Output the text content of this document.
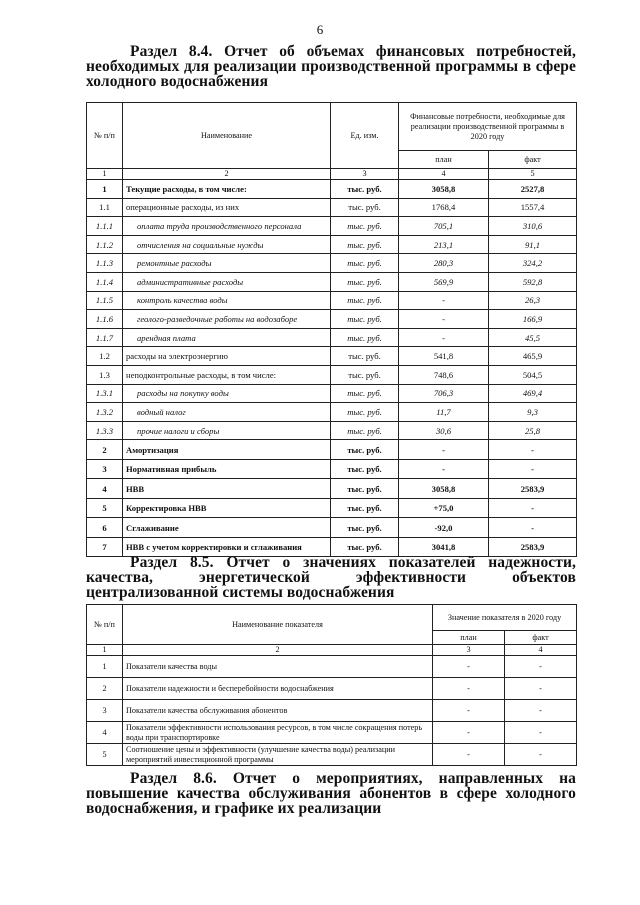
6
Раздел 8.4. Отчет об объемах финансовых потребностей, необходимых для реализации производственной программы в сфере холодного водоснабжения
№ п/п	Наименование	Ед. изм.	Финансовые потребности, необходимые для реализации производственной программы в 2020 году	
			план	факт
1	2	3	4	5
1	Текущие расходы, в том числе:	тыс. руб.	3058,8	2527,8
1.1	операционные расходы, из них	тыс. руб.	1768,4	1557,4
1.1.1	оплата труда производственного персонала	тыс. руб.	705,1	310,6
1.1.2	отчисления на социальные нужды	тыс. руб.	213,1	91,1
1.1.3	ремонтные расходы	тыс. руб.	280,3	324,2
1.1.4	административные расходы	тыс. руб.	569,9	592,8
1.1.5	контроль качества воды	тыс. руб.	-	26,3
1.1.6	геолого-разведочные работы на водозаборе	тыс. руб.	-	166,9
1.1.7	арендная плата	тыс. руб.	-	45,5
1.2	расходы на электроэнергию	тыс. руб.	541,8	465,9
1.3	неподконтрольные расходы, в том числе:	тыс. руб.	748,6	504,5
1.3.1	расходы на покупку воды	тыс. руб.	706,3	469,4
1.3.2	водный налог	тыс. руб.	11,7	9,3
1.3.3	прочие налоги и сборы	тыс. руб.	30,6	25,8
2	Амортизация	тыс. руб.	-	-
3	Нормативная прибыль	тыс. руб.	-	-
4	НВВ	тыс. руб.	3058,8	2583,9
5	Корректировка НВВ	тыс. руб.	+75,0	-
6	Сглаживание	тыс. руб.	-92,0	-
7	НВВ с учетом корректировки и сглаживания	тыс. руб.	3041,8	2583,9
Раздел 8.5. Отчет о значениях показателей надежности, качества, энергетической эффективности объектов централизованной системы водоснабжения
№ п/п	Наименование показателя	Значение показателя в 2020 году	
		план	факт
1	2	3	4
1	Показатели качества воды	-	-
2	Показатели надежности и бесперебойности водоснабжения	-	-
3	Показатели качества обслуживания абонентов	-	-
4	Показатели эффективности использования ресурсов, в том числе сокращения потерь воды при транспортировке	-	-
5	Соотношение цены и эффективности (улучшение качества воды) реализации мероприятий инвестиционной программы	-	-
Раздел 8.6. Отчет о мероприятиях, направленных на повышение качества обслуживания абонентов в сфере холодного водоснабжения, и графике их реализации
